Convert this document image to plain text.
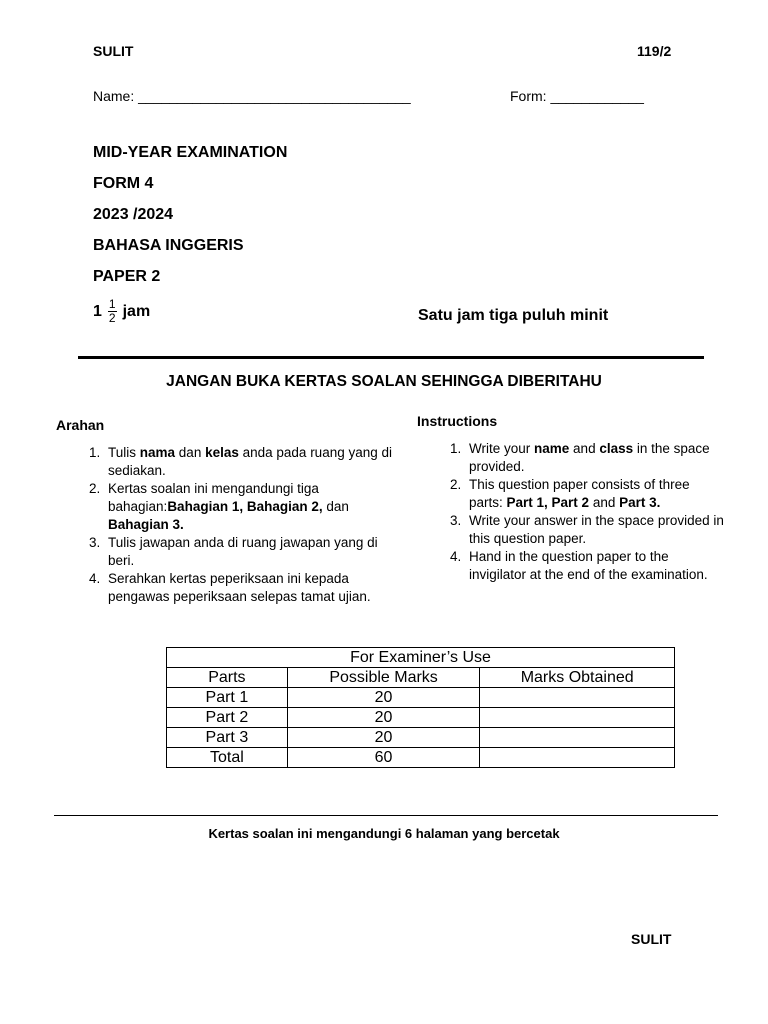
SULIT	119/2
Name: ___________________________________	Form: ____________
MID-YEAR EXAMINATION
FORM 4
2023 /2024
BAHASA INGGERIS
PAPER 2
$1 \frac{1}{2}$ jam	Satu jam tiga puluh minit
JANGAN BUKA KERTAS SOALAN SEHINGGA DIBERITAHU
Arahan
1. Tulis nama dan kelas anda pada ruang yang di sediakan.
2. Kertas soalan ini mengandungi tiga bahagian:Bahagian 1, Bahagian 2, dan Bahagian 3.
3. Tulis jawapan anda di ruang jawapan yang di beri.
4. Serahkan kertas peperiksaan ini kepada pengawas peperiksaan selepas tamat ujian.
Instructions
1. Write your name and class in the space provided.
2. This question paper consists of three parts: Part 1, Part 2 and Part 3.
3. Write your answer in the space provided in this question paper.
4. Hand in the question paper to the invigilator at the end of the examination.
For Examiner’s Use		
Parts	Possible Marks	Marks Obtained
Part 1	20	
Part 2	20	
Part 3	20	
Total	60	
Kertas soalan ini mengandungi 6 halaman yang bercetak
SULIT
